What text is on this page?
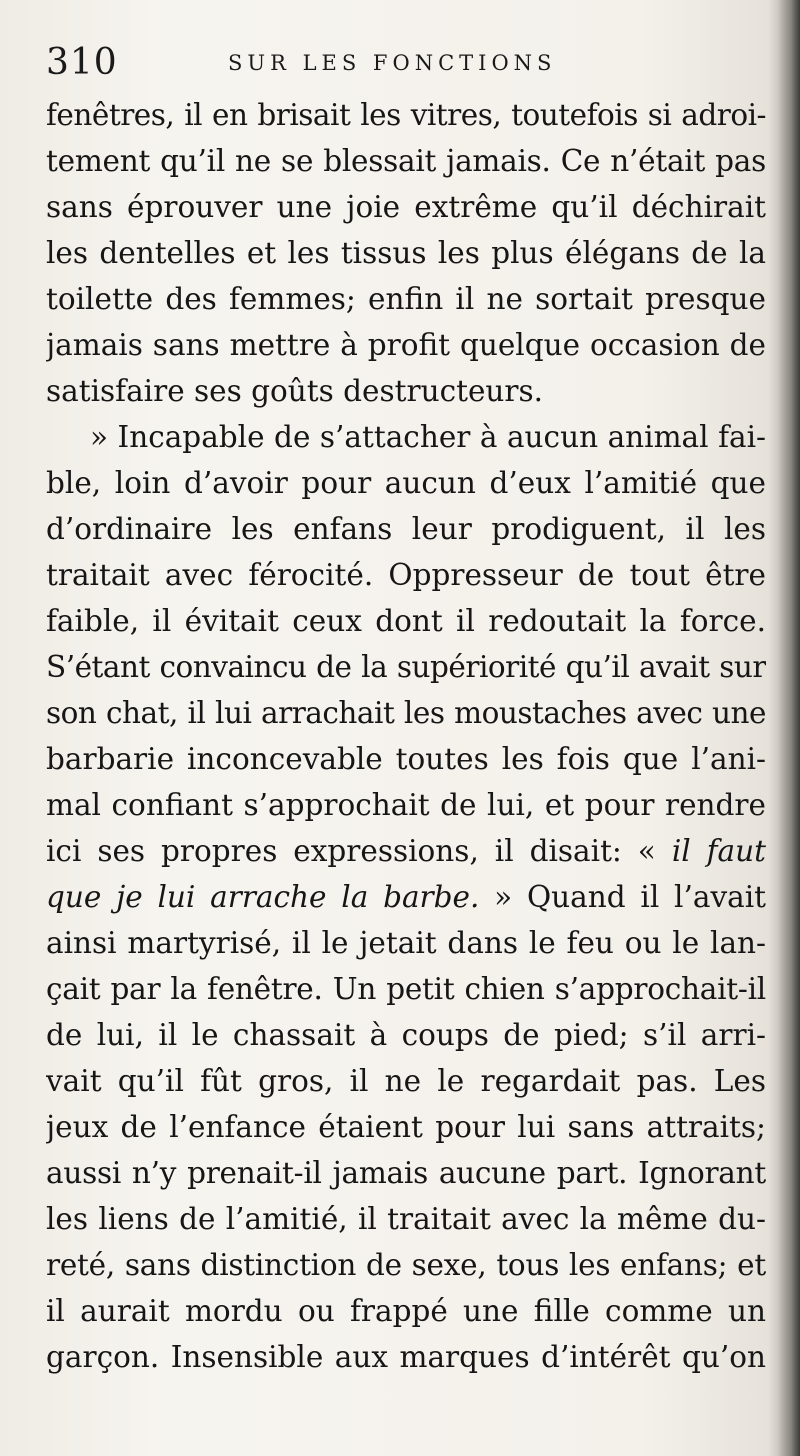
310	SUR LES FONCTIONS
fenêtres, il en brisait les vitres, toutefois si adroi-
tement qu’il ne se blessait jamais. Ce n’était pas
sans éprouver une joie extrême qu’il déchirait
les dentelles et les tissus les plus élégans de la
toilette des femmes; enfin il ne sortait presque
jamais sans mettre à profit quelque occasion de
satisfaire ses goûts destructeurs.
» Incapable de s’attacher à aucun animal fai-
ble, loin d’avoir pour aucun d’eux l’amitié que
d’ordinaire les enfans leur prodiguent, il les
traitait avec férocité. Oppresseur de tout être
faible, il évitait ceux dont il redoutait la force.
S’étant convaincu de la supériorité qu’il avait sur
son chat, il lui arrachait les moustaches avec une
barbarie inconcevable toutes les fois que l’ani-
mal confiant s’approchait de lui, et pour rendre
ici ses propres expressions, il disait: « il faut
que je lui arrache la barbe. » Quand il l’avait
ainsi martyrisé, il le jetait dans le feu ou le lan-
çait par la fenêtre. Un petit chien s’approchait-il
de lui, il le chassait à coups de pied; s’il arri-
vait qu’il fût gros, il ne le regardait pas. Les
jeux de l’enfance étaient pour lui sans attraits;
aussi n’y prenait-il jamais aucune part. Ignorant
les liens de l’amitié, il traitait avec la même du-
reté, sans distinction de sexe, tous les enfans; et
il aurait mordu ou frappé une fille comme un
garçon. Insensible aux marques d’intérêt qu’on
